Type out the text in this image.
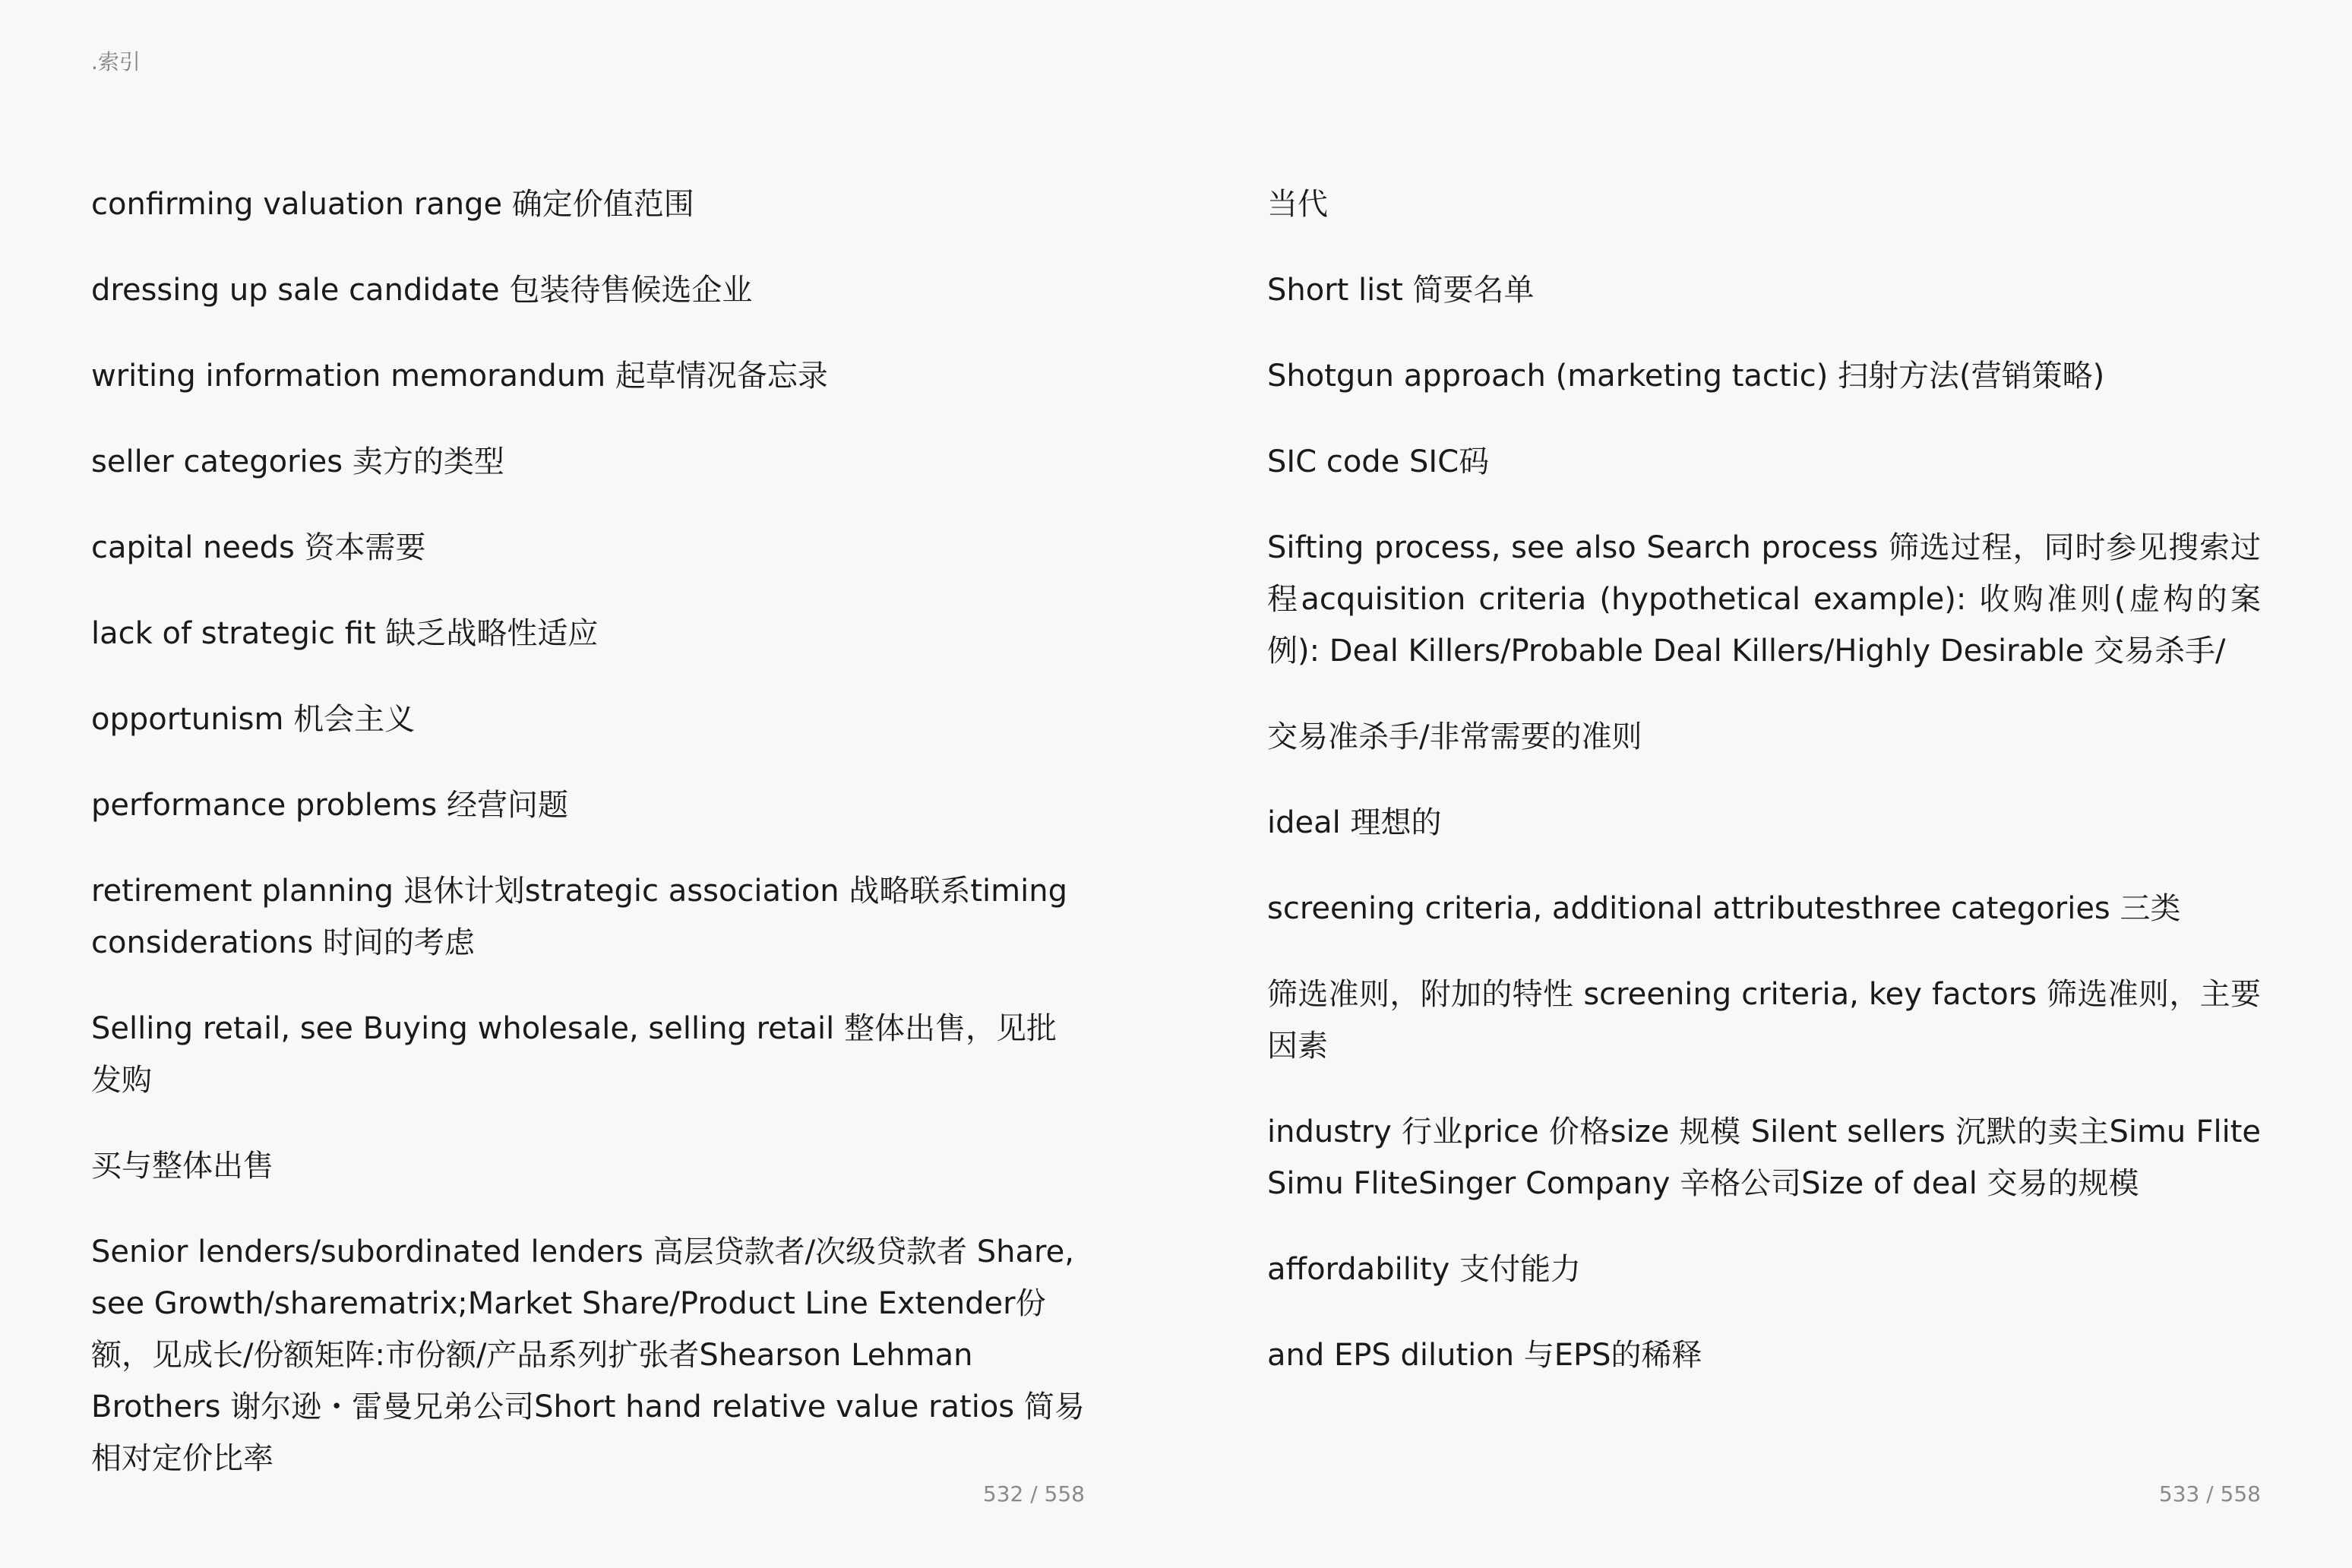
.索引

confirming valuation range 确定价值范围

dressing up sale candidate 包装待售候选企业

writing information memorandum 起草情况备忘录

seller categories 卖方的类型

capital needs 资本需要

lack of strategic fit 缺乏战略性适应

opportunism 机会主义

performance problems 经营问题

retirement planning 退休计划strategic association 战略联系timing considerations 时间的考虑

Selling retail, see Buying wholesale, selling retail 整体出售，见批发购

买与整体出售

Senior lenders/subordinated lenders 高层贷款者/次级贷款者 Share, see Growth/sharematrix;Market Share/Product Line Extender份额，见成长/份额矩阵:市份额/产品系列扩张者Shearson Lehman Brothers 谢尔逊・雷曼兄弟公司Short hand relative value ratios 简易相对定价比率

当代

Short list 简要名单

Shotgun approach (marketing tactic) 扫射方法(营销策略)

SIC code SIC码

Sifting process, see also Search process 筛选过程，同时参见搜索过程acquisition criteria (hypothetical example): 收购准则(虚构的案例): Deal Killers/Probable Deal Killers/Highly Desirable 交易杀手/

交易准杀手/非常需要的准则

ideal 理想的

screening criteria, additional attributesthree categories 三类

筛选准则，附加的特性 screening criteria, key factors 筛选准则，主要因素

industry 行业price 价格size 规模 Silent sellers 沉默的卖主Simu Flite Simu FliteSinger Company 辛格公司Size of deal 交易的规模

affordability 支付能力

and EPS dilution 与EPS的稀释

532 / 558	533 / 558
